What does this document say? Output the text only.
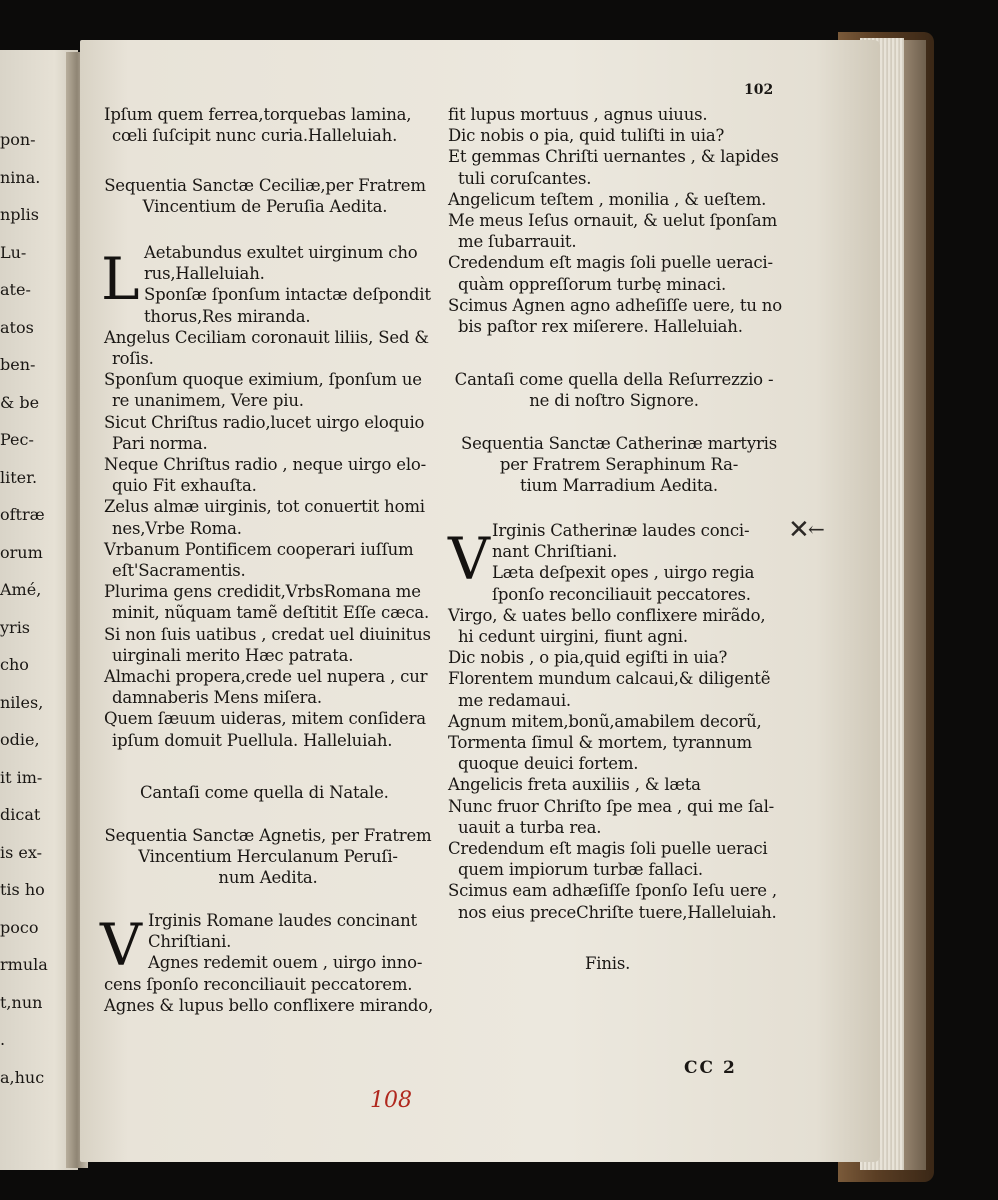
pon-
nina.
nplis
Lu-
ate-
atos
ben-
& be
Pec-
liter.
oftræ
orum
Amé,
yris
cho
niles,
odie,
it im-
dicat
is ex-
tis ho
poco
rmula
t,nun
.
a,huc
102
Ipſum quem ferrea,torquebas lamina,
cœli ſuſcipit nunc curia.Halleluiah.
Sequentia Sanctæ Ceciliæ,per Fratrem
Vincentium de Peruſia Aedita.
L Aetabundus exultet uirginum cho
rus,Halleluiah.
Sponſæ ſponſum intactæ deſpondit
thorus,Res miranda.
Angelus Ceciliam coronauit liliis, Sed &
roſis.
Sponſum quoque eximium, ſponſum ue
re unanimem, Vere piu.
Sicut Chriſtus radio,lucet uirgo eloquio
Pari norma.
Neque Chriſtus radio , neque uirgo elo-
quio Fit exhauſta.
Zelus almæ uirginis, tot conuertit homi
nes,Vrbe Roma.
Vrbanum Pontificem cooperari iuſſum
eſt'Sacramentis.
Plurima gens credidit,VrbsRomana me
minit, nũquam tamẽ deſtitit Eſſe cæca.
Si non ſuis uatibus , credat uel diuinitus
uirginali merito Hæc patrata.
Almachi propera,crede uel nupera , cur
damnaberis Mens miſera.
Quem ſæuum uideras, mitem conſidera
ipſum domuit Puellula. Halleluiah.
Cantaſi come quella di Natale.
Sequentia Sanctæ Agnetis, per Fratrem
Vincentium Herculanum Peruſi-
num Aedita.
V Irginis Romane laudes concinant
Chriſtiani.
Agnes redemit ouem , uirgo inno-
cens ſponſo reconciliauit peccatorem.
Agnes & lupus bello conflixere mirando,
fit lupus mortuus , agnus uiuus.
Dic nobis o pia, quid tuliſti in uia?
Et gemmas Chriſti uernantes , & lapides
tuli coruſcantes.
Angelicum teſtem , monilia , & ueſtem.
Me meus Ieſus ornauit, & uelut ſponſam
me ſubarrauit.
Credendum eſt magis ſoli puelle ueraci-
quàm oppreſſorum turbę minaci.
Scimus Agnen agno adheſiſſe uere, tu no
bis paſtor rex miſerere. Halleluiah.
Cantaſi come quella della Reſurrezzio -
ne di noſtro Signore.
Sequentia Sanctæ Catherinæ martyris
per Fratrem Seraphinum Ra-
tium Marradium Aedita.
V Irginis Catherinæ laudes conci-
nant Chriſtiani.
Læta deſpexit opes , uirgo regia
ſponſo reconciliauit peccatores.
Virgo, & uates bello conflixere mirãdo,
hi cedunt uirgini, fiunt agni.
Dic nobis , o pia,quid egiſti in uia?
Florentem mundum calcaui,& diligentẽ
me redamaui.
Agnum mitem,bonũ,amabilem decorũ,
Tormenta ſimul & mortem, tyrannum
quoque deuici fortem.
Angelicis freta auxiliis , & læta
Nunc fruor Chriſto ſpe mea , qui me ſal-
uauit a turba rea.
Credendum eſt magis ſoli puelle ueraci
quem impiorum turbæ fallaci.
Scimus eam adhæſiſſe ſponſo Ieſu uere ,
nos eius preceChriſte tuere,Halleluiah.
Finis.
CC 2
108
✕
←
